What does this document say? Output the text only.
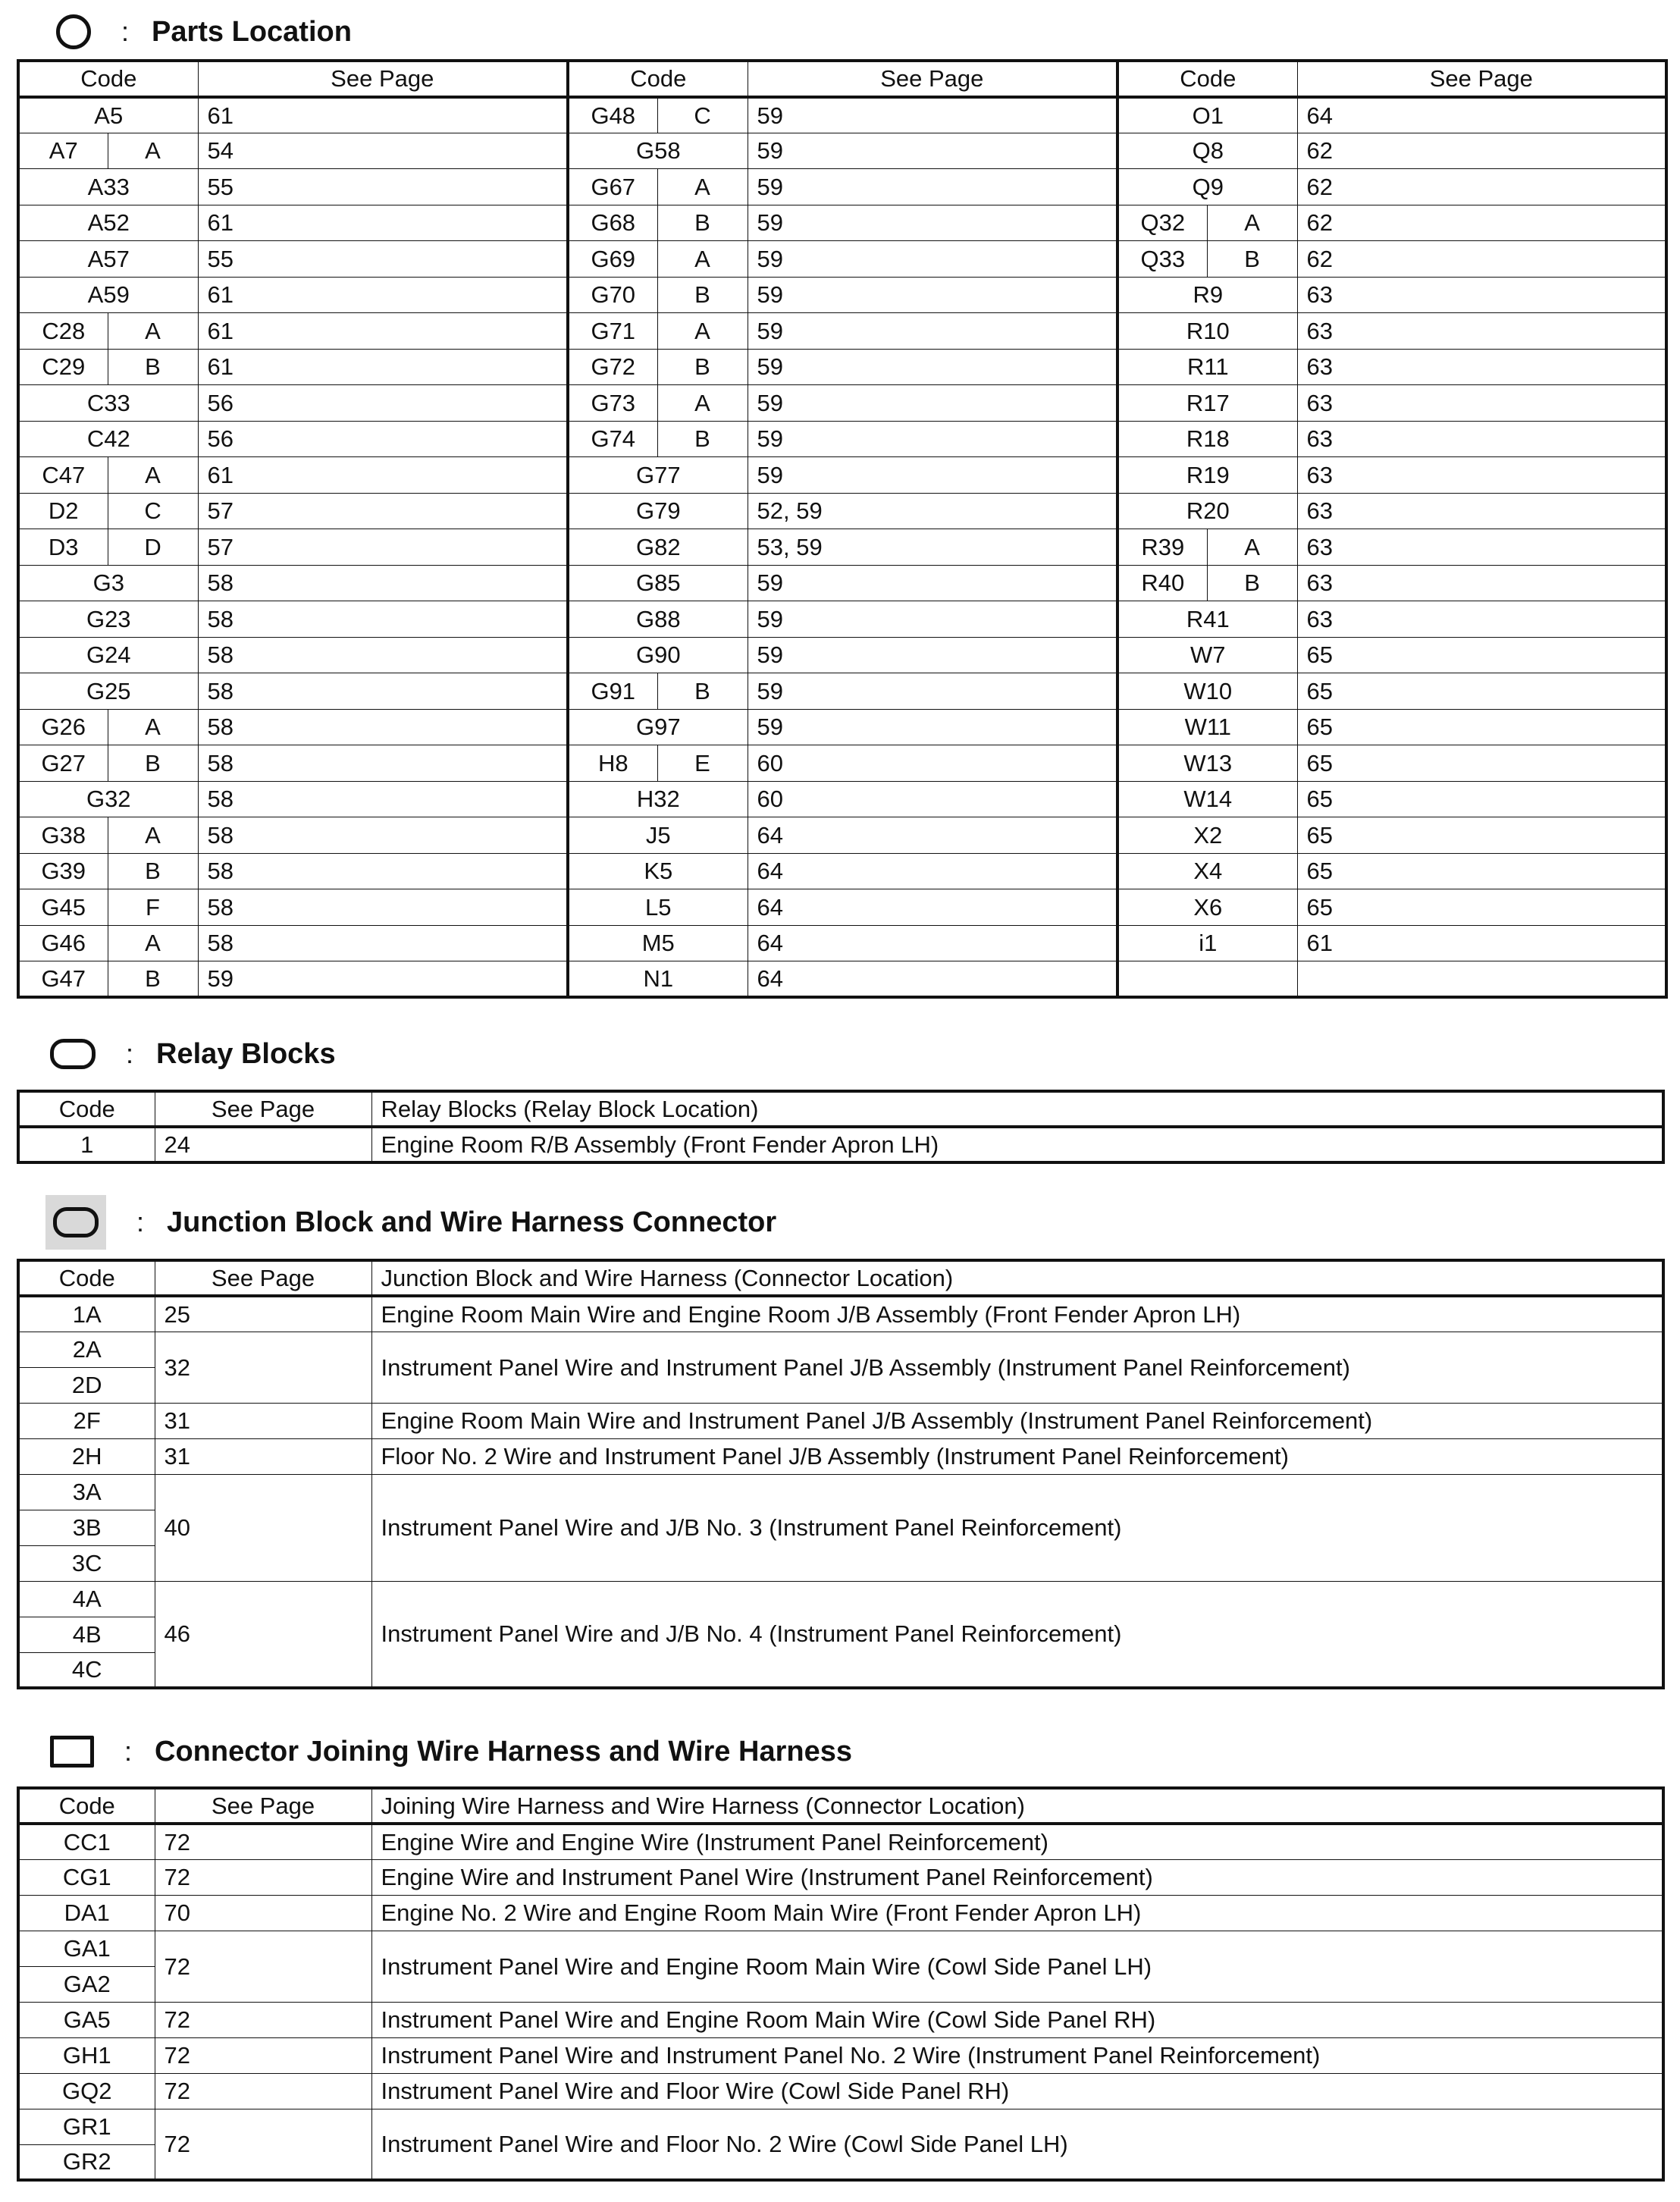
: Parts Location
Code		See Page	Code		See Page	Code		See Page
A5		61	G48	C	59	O1		64
A7	A	54	G58		59	Q8		62
A33		55	G67	A	59	Q9		62
A52		61	G68	B	59	Q32	A	62
A57		55	G69	A	59	Q33	B	62
A59		61	G70	B	59	R9		63
C28	A	61	G71	A	59	R10		63
C29	B	61	G72	B	59	R11		63
C33		56	G73	A	59	R17		63
C42		56	G74	B	59	R18		63
C47	A	61	G77		59	R19		63
D2	C	57	G79		52, 59	R20		63
D3	D	57	G82		53, 59	R39	A	63
G3		58	G85		59	R40	B	63
G23		58	G88		59	R41		63
G24		58	G90		59	W7		65
G25		58	G91	B	59	W10		65
G26	A	58	G97		59	W11		65
G27	B	58	H8	E	60	W13		65
G32		58	H32		60	W14		65
G38	A	58	J5		64	X2		65
G39	B	58	K5		64	X4		65
G45	F	58	L5		64	X6		65
G46	A	58	M5		64	i1		61
G47	B	59	N1		64			
: Relay Blocks
Code	See Page	Relay Blocks (Relay Block Location)
1	24	Engine Room R/B Assembly (Front Fender Apron LH)
: Junction Block and Wire Harness Connector
Code	See Page	Junction Block and Wire Harness (Connector Location)
1A	25	Engine Room Main Wire and Engine Room J/B Assembly (Front Fender Apron LH)
2A	32	Instrument Panel Wire and Instrument Panel J/B Assembly (Instrument Panel Reinforcement)
2D		
2F	31	Engine Room Main Wire and Instrument Panel J/B Assembly (Instrument Panel Reinforcement)
2H	31	Floor No. 2 Wire and Instrument Panel J/B Assembly (Instrument Panel Reinforcement)
3A	40	Instrument Panel Wire and J/B No. 3 (Instrument Panel Reinforcement)
3B		
3C		
4A	46	Instrument Panel Wire and J/B No. 4 (Instrument Panel Reinforcement)
4B		
4C		
: Connector Joining Wire Harness and Wire Harness
Code	See Page	Joining Wire Harness and Wire Harness (Connector Location)
CC1	72	Engine Wire and Engine Wire (Instrument Panel Reinforcement)
CG1	72	Engine Wire and Instrument Panel Wire (Instrument Panel Reinforcement)
DA1	70	Engine No. 2 Wire and Engine Room Main Wire (Front Fender Apron LH)
GA1	72	Instrument Panel Wire and Engine Room Main Wire (Cowl Side Panel LH)
GA2		
GA5	72	Instrument Panel Wire and Engine Room Main Wire (Cowl Side Panel RH)
GH1	72	Instrument Panel Wire and Instrument Panel No. 2 Wire (Instrument Panel Reinforcement)
GQ2	72	Instrument Panel Wire and Floor Wire (Cowl Side Panel RH)
GR1	72	Instrument Panel Wire and Floor No. 2 Wire (Cowl Side Panel LH)
GR2		
